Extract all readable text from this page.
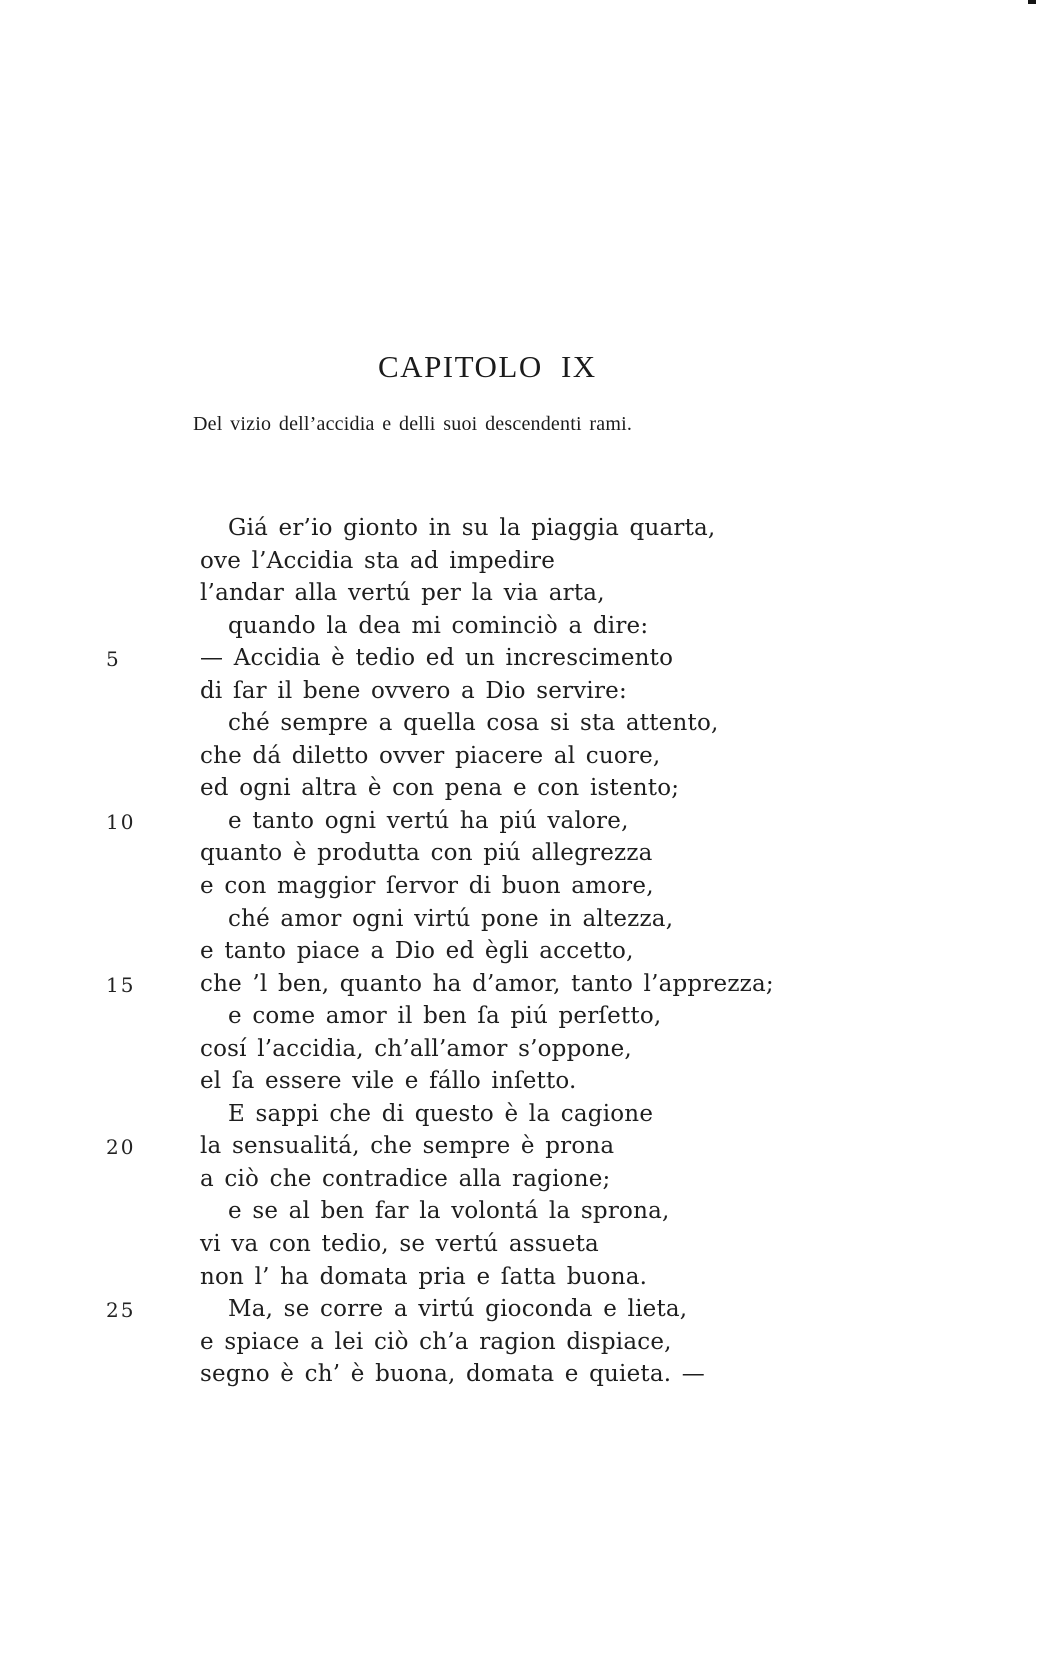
CAPITOLO IX

Del vizio dell’accidia e delli suoi descendenti rami.

Giá er’io gionto in su la piaggia quarta,
ove l’Accidia sta ad impedire
l’andar alla vertú per la via arta,
quando la dea mi cominciò a dire:
5	— Accidia è tedio ed un increscimento
di ſar il bene ovvero a Dio servire:
ché sempre a quella cosa si sta attento,
che dá diletto ovver piacere al cuore,
ed ogni altra è con pena e con istento;
10	e tanto ogni vertú ha piú valore,
quanto è produtta con piú allegrezza
e con maggior ſervor di buon amore,
ché amor ogni virtú pone in altezza,
e tanto piace a Dio ed ègli accetto,
15	che ’l ben, quanto ha d’amor, tanto l’apprezza;
e come amor il ben ſa piú perſetto,
cosí l’accidia, ch’all’amor s’oppone,
el ſa essere vile e fállo inſetto.
E sappi che di questo è la cagione
20	la sensualitá, che sempre è prona
a ciò che contradice alla ragione;
e se al ben far la volontá la sprona,
vi va con tedio, se vertú assueta
non l’ ha domata pria e ſatta buona.
25	Ma, se corre a virtú gioconda e lieta,
e spiace a lei ciò ch’a ragion dispiace,
segno è ch’ è buona, domata e quieta. —
